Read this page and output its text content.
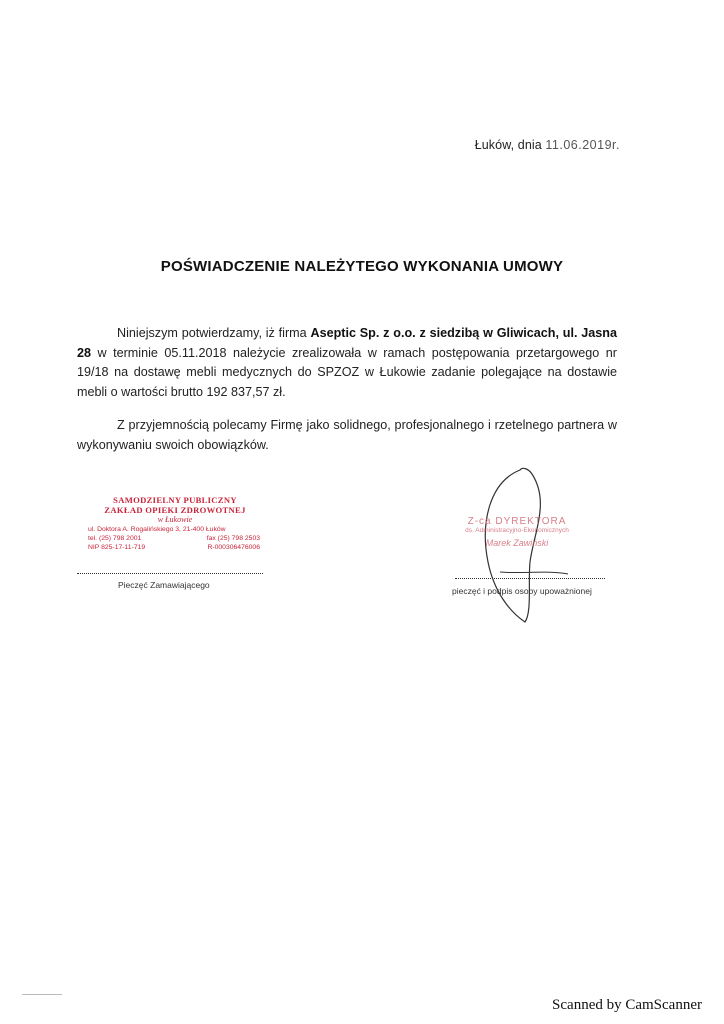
Łuków, dnia 11.06.2019r.
POŚWIADCZENIE NALEŻYTEGO WYKONANIA UMOWY
Niniejszym potwierdzamy, iż firma Aseptic Sp. z o.o. z siedzibą w Gliwicach, ul. Jasna 28 w terminie 05.11.2018 należycie zrealizowała w ramach postępowania przetargowego nr 19/18 na dostawę mebli medycznych do SPZOZ w Łukowie zadanie polegające na dostawie mebli o wartości brutto 192 837,57 zł.
Z przyjemnością polecamy Firmę jako solidnego, profesjonalnego i rzetelnego partnera w wykonywaniu swoich obowiązków.
SAMODZIELNY PUBLICZNY
ZAKŁAD OPIEKI ZDROWOTNEJ
w Łukowie
ul. Doktora A. Rogalińskiego 3, 21-400 Łuków
tel. (25) 798 2001	fax (25) 798 2503
NIP 825-17-11-719	R-000306476006
Pieczęć Zamawiającego
Z-ca DYREKTORA
ds. Administracyjno-Ekonomicznych
Marek Zawiński
pieczęć i podpis osoby upoważnionej
Scanned by CamScanner
